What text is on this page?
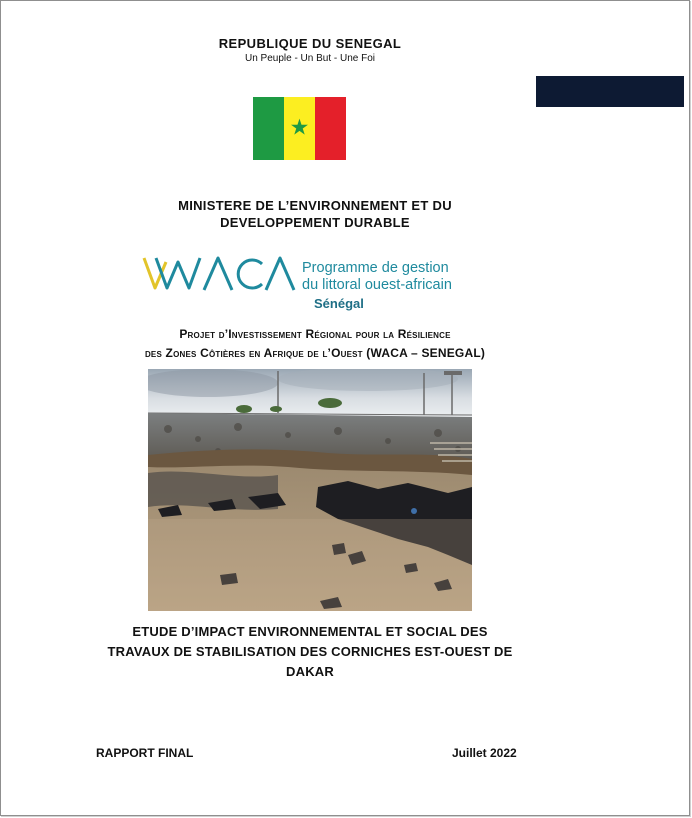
REPUBLIQUE DU SENEGAL
Un Peuple - Un But - Une Foi
★
MINISTERE DE L’ENVIRONNEMENT ET DU
DEVELOPPEMENT DURABLE
Programme de gestion
du littoral ouest-africain
Sénégal
Projet d’Investissement Régional pour la Résilience
des Zones Côtières en Afrique de l’Ouest (WACA – SENEGAL)
ETUDE D’IMPACT ENVIRONNEMENTAL ET SOCIAL DES
TRAVAUX DE STABILISATION DES CORNICHES EST-OUEST DE
DAKAR
RAPPORT FINAL	Juillet 2022
